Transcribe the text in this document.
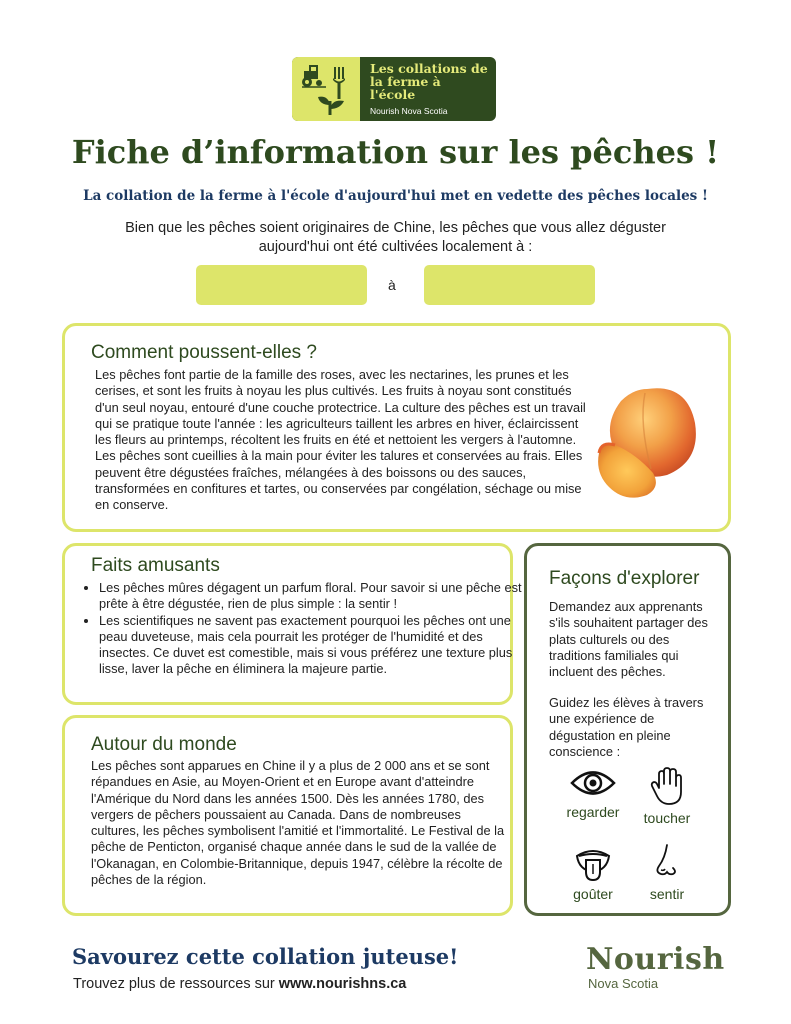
Les collations de la ferme à l'école
Nourish Nova Scotia
Fiche d’information sur les pêches !
La collation de la ferme à l'école d'aujourd'hui met en vedette des pêches locales !
Bien que les pêches soient originaires de Chine, les pêches que vous allez déguster aujourd'hui ont été cultivées localement à :
à
Comment poussent-elles ?
Les pêches font partie de la famille des roses, avec les nectarines, les prunes et les cerises, et sont les fruits à noyau les plus cultivés. Les fruits à noyau sont constitués d'un seul noyau, entouré d'une couche protectrice. La culture des pêches est un travail qui se pratique toute l'année : les agriculteurs taillent les arbres en hiver, éclaircissent les fleurs au printemps, récoltent les fruits en été et nettoient les vergers à l'automne. Les pêches sont cueillies à la main pour éviter les talures et conservées au frais. Elles peuvent être dégustées fraîches, mélangées à des boissons ou des sauces, transformées en confitures et tartes, ou conservées par congélation, séchage ou mise en conserve.
Faits amusants
• Les pêches mûres dégagent un parfum floral. Pour savoir si une pêche est prête à être dégustée, rien de plus simple : la sentir !
• Les scientifiques ne savent pas exactement pourquoi les pêches ont une peau duveteuse, mais cela pourrait les protéger de l'humidité et des insectes. Ce duvet est comestible, mais si vous préférez une texture plus lisse, laver la pêche en éliminera la majeure partie.
Autour du monde
Les pêches sont apparues en Chine il y a plus de 2 000 ans et se sont répandues en Asie, au Moyen-Orient et en Europe avant d'atteindre l'Amérique du Nord dans les années 1500. Dès les années 1780, des vergers de pêchers poussaient au Canada. Dans de nombreuses cultures, les pêches symbolisent l'amitié et l'immortalité. Le Festival de la pêche de Penticton, organisé chaque année dans le sud de la vallée de l'Okanagan, en Colombie-Britannique, depuis 1947, célèbre la récolte de pêches de la région.
Façons d'explorer
Demandez aux apprenants s'ils souhaitent partager des plats culturels ou des traditions familiales qui incluent des pêches.
Guidez les élèves à travers une expérience de dégustation en pleine conscience :
regarder	toucher
goûter	sentir
Savourez cette collation juteuse!
Trouvez plus de ressources sur www.nourishns.ca
Nourish
Nova Scotia
